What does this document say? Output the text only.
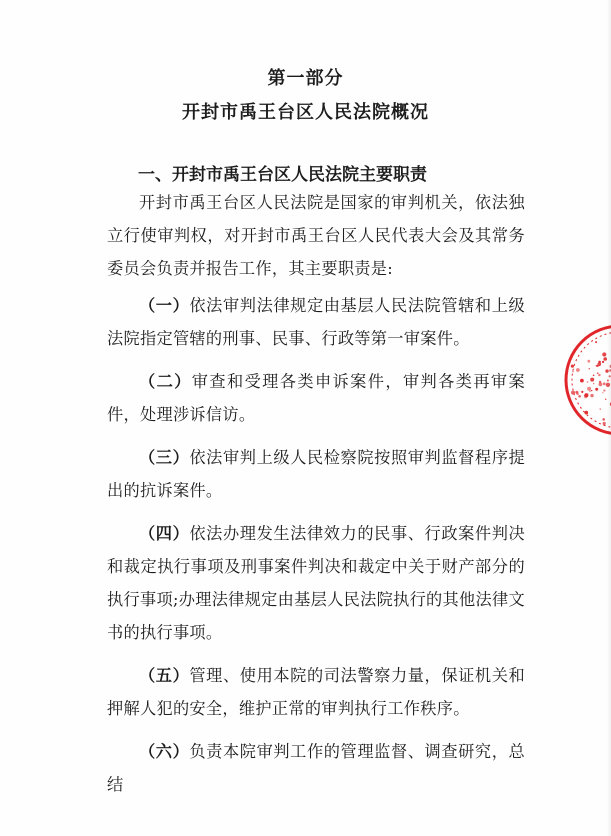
第一部分
开封市禹王台区人民法院概况
一、开封市禹王台区人民法院主要职责

开封市禹王台区人民法院是国家的审判机关，依法独立行使审判权，对开封市禹王台区人民代表大会及其常务委员会负责并报告工作，其主要职责是:

（一）依法审判法律规定由基层人民法院管辖和上级法院指定管辖的刑事、民事、行政等第一审案件。

（二）审查和受理各类申诉案件，审判各类再审案件，处理涉诉信访。

（三）依法审判上级人民检察院按照审判监督程序提出的抗诉案件。

（四）依法办理发生法律效力的民事、行政案件判决和裁定执行事项及刑事案件判决和裁定中关于财产部分的执行事项;办理法律规定由基层人民法院执行的其他法律文书的执行事项。

（五）管理、使用本院的司法警察力量，保证机关和押解人犯的安全，维护正常的审判执行工作秩序。

（六）负责本院审判工作的管理监督、调查研究，总结
